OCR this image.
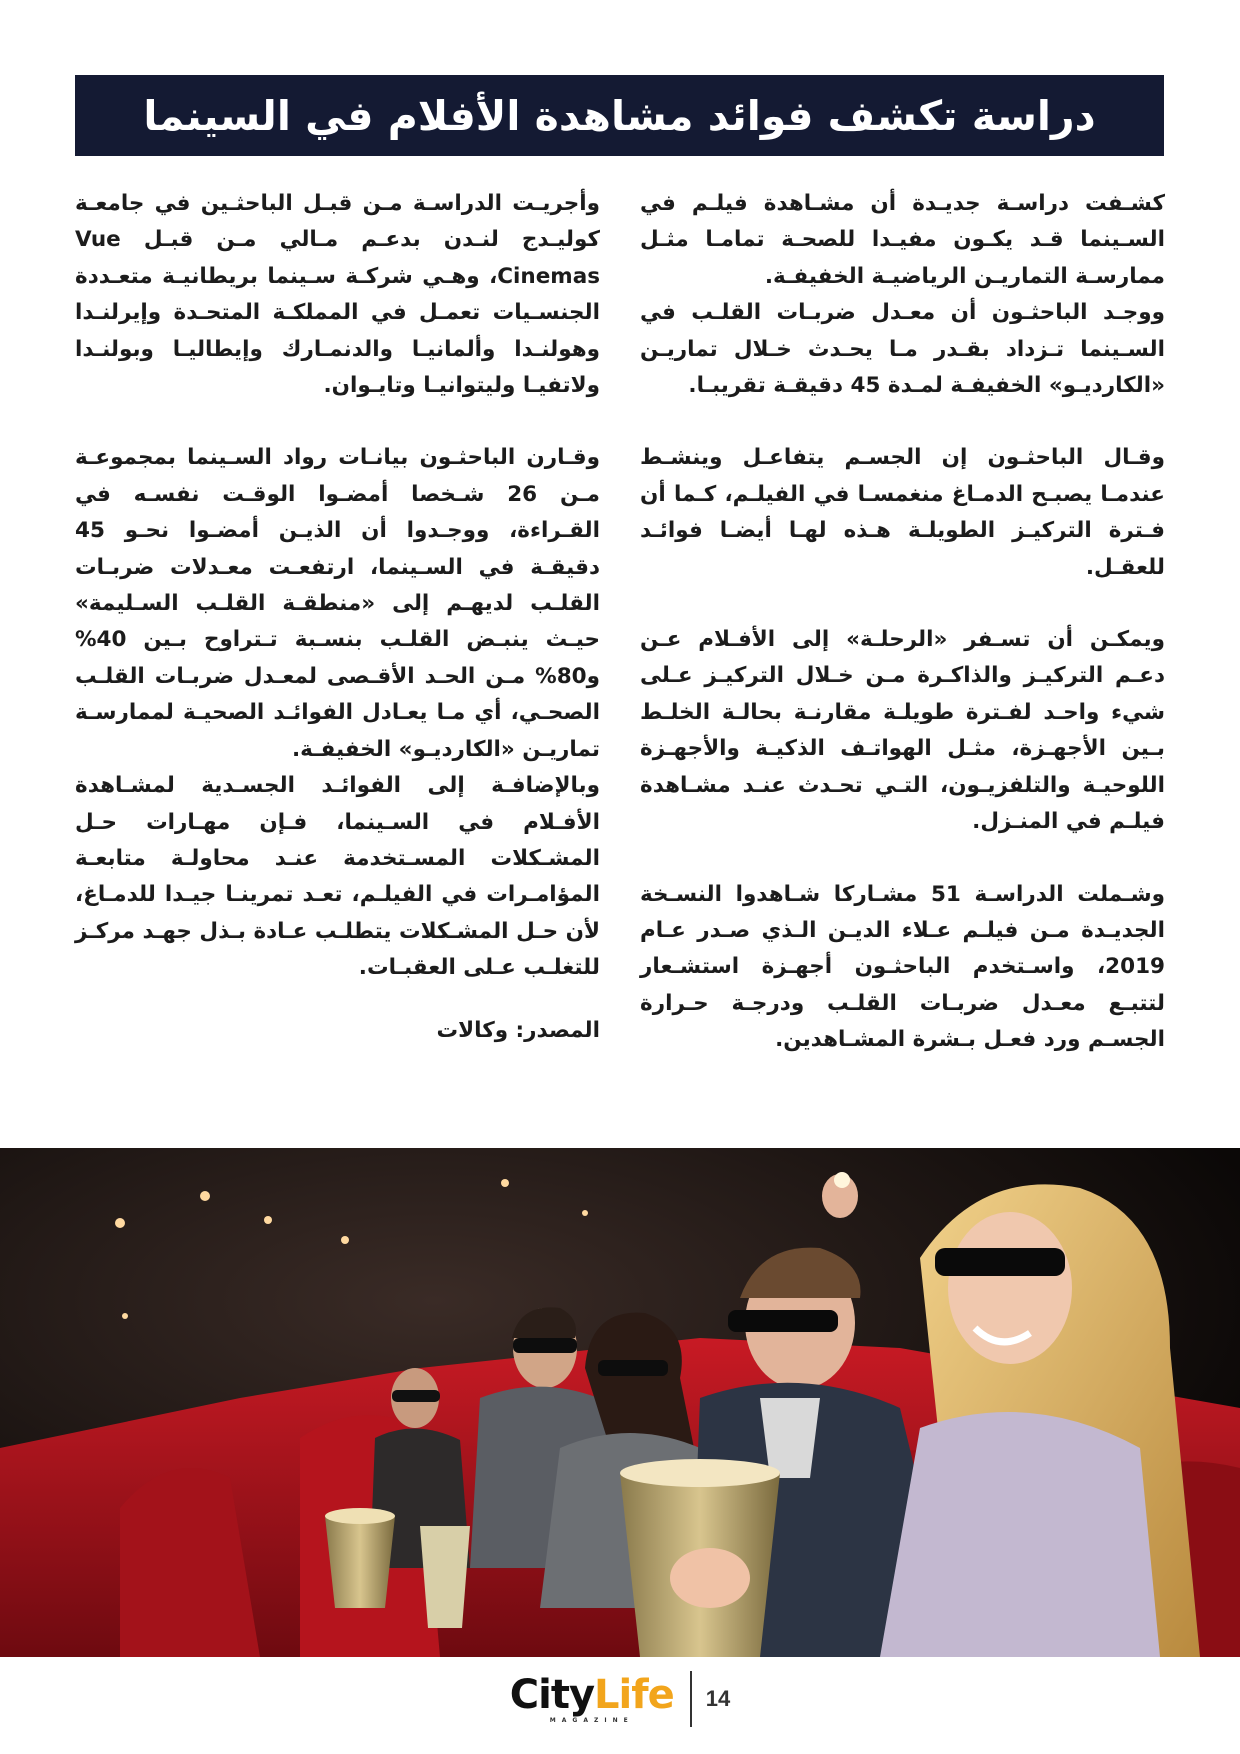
دراسة تكشف فوائد مشاهدة الأفلام في السينما

كشـفت دراسـة جديـدة أن مشـاهدة فيلـم في السـينما قـد يكـون مفيـدا للصحـة تمامـا مثـل ممارسـة التماريـن الرياضيـة الخفيفـة.

ووجـد الباحثـون أن معـدل ضربـات القلـب في السـينما تـزداد بقـدر مـا يحـدث خـلال تماريـن «الكارديـو» الخفيفـة لمـدة 45 دقيقـة تقريبـا.

وقـال الباحثـون إن الجسـم يتفاعـل وينشـط عندمـا يصبـح الدمـاغ منغمسـا في الفيلـم، كـما أن فـترة التركيـز الطويلـة هـذه لهـا أيضـا فوائـد للعقـل.

ويمكـن أن تسـفر «الرحلـة» إلى الأفـلام عـن دعـم التركيـز والذاكـرة مـن خـلال التركيـز عـلى شيء واحـد لفـترة طويلـة مقارنـة بحالـة الخلـط بـين الأجهـزة، مثـل الهواتـف الذكيـة والأجهـزة اللوحيـة والتلفزيـون، التـي تحـدث عنـد مشـاهدة فيلـم في المنـزل.

وشـملت الدراسـة 51 مشـاركا شـاهدوا النسـخة الجديـدة مـن فيلـم عـلاء الديـن الـذي صـدر عـام 2019، واسـتخدم الباحثـون أجهـزة استشـعار لتتبـع معـدل ضربـات القلـب ودرجـة حـرارة الجسـم ورد فعـل بـشرة المشـاهدين.

وأجريـت الدراسـة مـن قبـل الباحثـين في جامعـة كوليـدج لنـدن بدعـم مـالي مـن قبـل Vue Cinemas، وهـي شركـة سـينما بريطانيـة متعـددة الجنسـيات تعمـل في المملكـة المتحـدة وإيرلنـدا وهولنـدا وألمانيـا والدنمـارك وإيطاليـا وبولنـدا ولاتفيـا وليتوانيـا وتايـوان.

وقـارن الباحثـون بيانـات رواد السـينما بمجموعـة مـن 26 شـخصا أمضـوا الوقـت نفسـه في القـراءة، ووجـدوا أن الذيـن أمضـوا نحـو 45 دقيقـة في السـينما، ارتفعـت معـدلات ضربـات القلـب لديهـم إلى «منطقـة القلـب السـليمة» حيـث ينبـض القلـب بنسـبة تـتراوح بـين 40% و80% مـن الحـد الأقـصى لمعـدل ضربـات القلـب الصحـي، أي مـا يعـادل الفوائـد الصحيـة لممارسـة تماريـن «الكارديـو» الخفيفـة.

وبالإضافـة إلى الفوائـد الجسـدية لمشـاهدة الأفـلام في السـينما، فـإن مهـارات حـل المشـكلات المسـتخدمة عنـد محاولـة متابعـة المؤامـرات في الفيلـم، تعـد تمرينـا جيـدا للدمـاغ، لأن حـل المشـكلات يتطلـب عـادة بـذل جهـد مركـز للتغلـب عـلى العقبـات.

المصدر: وكالات

CityLife
MAGAZINE
14
